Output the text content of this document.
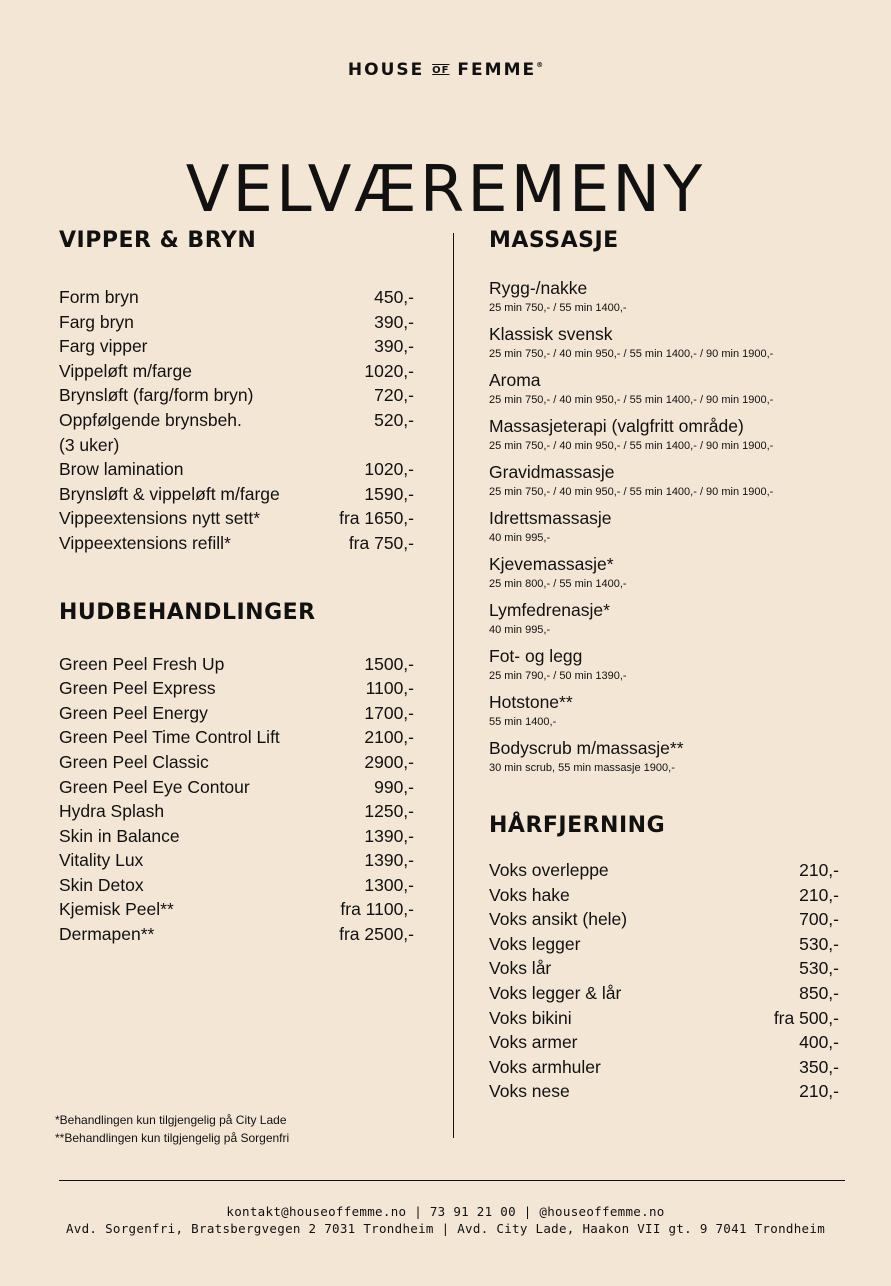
HOUSE OF FEMME®
VELVÆREMENY
VIPPER & BRYN
Form bryn	450,-
Farg bryn	390,-
Farg vipper	390,-
Vippeløft m/farge	1020,-
Brynsløft (farg/form bryn)	720,-
Oppfølgende brynsbeh.	520,-
(3 uker)
Brow lamination	1020,-
Brynsløft & vippeløft m/farge	1590,-
Vippeextensions nytt sett*	fra 1650,-
Vippeextensions refill*	fra 750,-
HUDBEHANDLINGER
Green Peel Fresh Up	1500,-
Green Peel Express	1100,-
Green Peel Energy	1700,-
Green Peel Time Control Lift	2100,-
Green Peel Classic	2900,-
Green Peel Eye Contour	990,-
Hydra Splash	1250,-
Skin in Balance	1390,-
Vitality Lux	1390,-
Skin Detox	1300,-
Kjemisk Peel**	fra 1100,-
Dermapen**	fra 2500,-
MASSASJE
Rygg-/nakke
25 min 750,- / 55 min 1400,-
Klassisk svensk
25 min 750,- / 40 min 950,- / 55 min 1400,- / 90 min 1900,-
Aroma
25 min 750,- / 40 min 950,- / 55 min 1400,- / 90 min 1900,-
Massasjeterapi (valgfritt område)
25 min 750,- / 40 min 950,- / 55 min 1400,- / 90 min 1900,-
Gravidmassasje
25 min 750,- / 40 min 950,- / 55 min 1400,- / 90 min 1900,-
Idrettsmassasje
40 min 995,-
Kjevemassasje*
25 min 800,- / 55 min 1400,-
Lymfedrenasje*
40 min 995,-
Fot- og legg
25 min 790,- / 50 min 1390,-
Hotstone**
55 min 1400,-
Bodyscrub m/massasje**
30 min scrub, 55 min massasje 1900,-
HÅRFJERNING
Voks overleppe	210,-
Voks hake	210,-
Voks ansikt (hele)	700,-
Voks legger	530,-
Voks lår	530,-
Voks legger & lår	850,-
Voks bikini	fra 500,-
Voks armer	400,-
Voks armhuler	350,-
Voks nese	210,-
*Behandlingen kun tilgjengelig på City Lade
**Behandlingen kun tilgjengelig på Sorgenfri
kontakt@houseoffemme.no | 73 91 21 00 | @houseoffemme.no
Avd. Sorgenfri, Bratsbergvegen 2 7031 Trondheim | Avd. City Lade, Haakon VII gt. 9 7041 Trondheim
